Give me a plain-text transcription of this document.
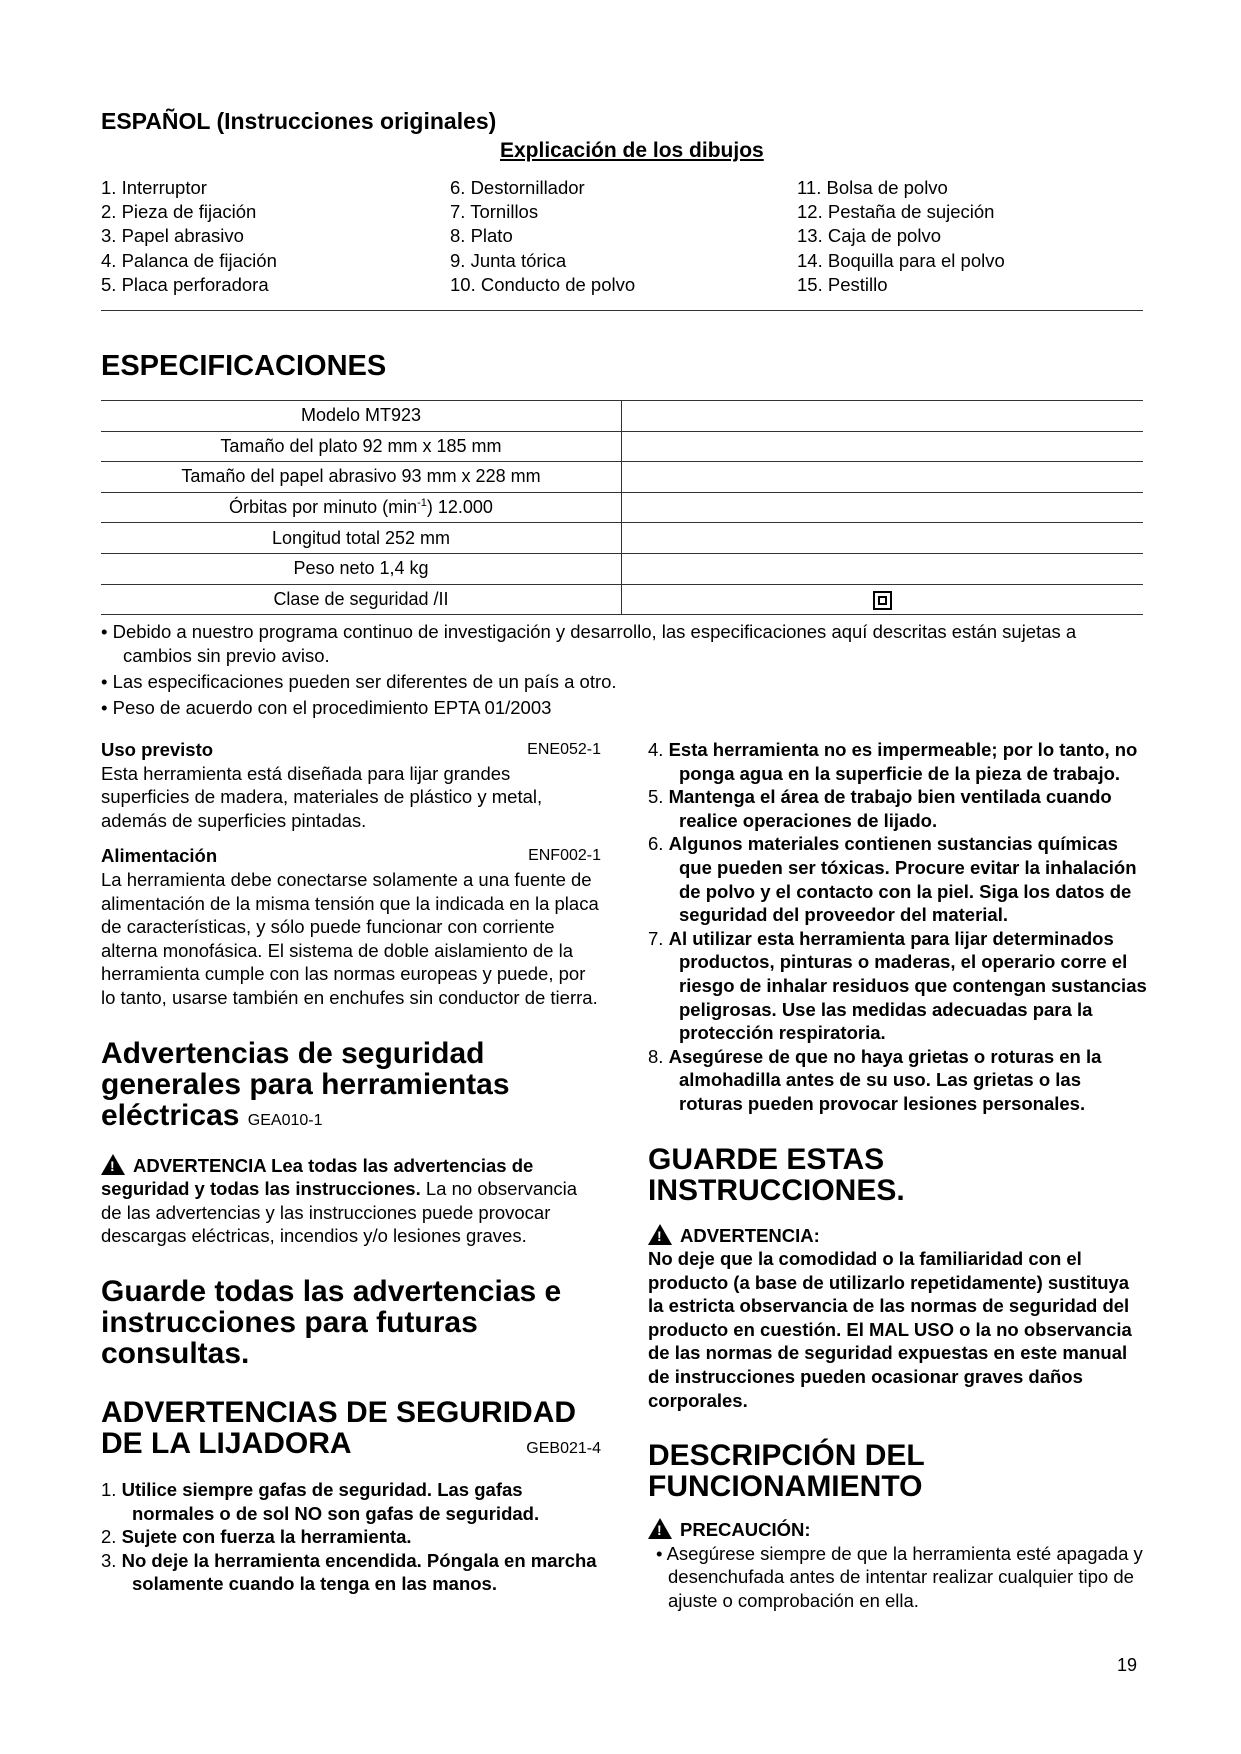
ESPAÑOL (Instrucciones originales)
Explicación de los dibujos
1. Interruptor
2. Pieza de fijación
3. Papel abrasivo
4. Palanca de fijación
5. Placa perforadora
6. Destornillador
7. Tornillos
8. Plato
9. Junta tórica
10. Conducto de polvo
11. Bolsa de polvo
12. Pestaña de sujeción
13. Caja de polvo
14. Boquilla para el polvo
15. Pestillo
ESPECIFICACIONES
Modelo MT923	
Tamaño del plato 92 mm x 185 mm	
Tamaño del papel abrasivo 93 mm x 228 mm	
Órbitas por minuto $(\min^{-1})$ 12.000	
Longitud total 252 mm	
Peso neto 1,4 kg	
Clase de seguridad /II	

• Debido a nuestro programa continuo de investigación y desarrollo, las especificaciones aquí descritas están sujetas a cambios sin previo aviso.

• Las especificaciones pueden ser diferentes de un país a otro.

• Peso de acuerdo con el procedimiento EPTA 01/2003

Uso previsto	ENE052-1

Esta herramienta está diseñada para lijar grandes superficies de madera, materiales de plástico y metal, además de superficies pintadas.

Alimentación	ENF002-1

La herramienta debe conectarse solamente a una fuente de alimentación de la misma tensión que la indicada en la placa de características, y sólo puede funcionar con corriente alterna monofásica. El sistema de doble aislamiento de la herramienta cumple con las normas europeas y puede, por lo tanto, usarse también en enchufes sin conductor de tierra.

Advertencias de seguridad

generales para herramientas

eléctricas GEA010-1

!ADVERTENCIA Lea todas las advertencias de seguridad y todas las instrucciones. La no observancia de las advertencias y las instrucciones puede provocar descargas eléctricas, incendios y/o lesiones graves.

Guarde todas las advertencias e instrucciones para futuras consultas.

ADVERTENCIAS DE SEGURIDAD

DE LA LIJADORA	GEB021-4

1. Utilice siempre gafas de seguridad. Las gafas normales o de sol NO son gafas de seguridad.

2. Sujete con fuerza la herramienta.

3. No deje la herramienta encendida. Póngala en marcha solamente cuando la tenga en las manos.

4. Esta herramienta no es impermeable; por lo tanto, no ponga agua en la superficie de la pieza de trabajo.

5. Mantenga el área de trabajo bien ventilada cuando realice operaciones de lijado.

6. Algunos materiales contienen sustancias químicas que pueden ser tóxicas. Procure evitar la inhalación de polvo y el contacto con la piel. Siga los datos de seguridad del proveedor del material.

7. Al utilizar esta herramienta para lijar determinados productos, pinturas o maderas, el operario corre el riesgo de inhalar residuos que contengan sustancias peligrosas. Use las medidas adecuadas para la protección respiratoria.

8. Asegúrese de que no haya grietas o roturas en la almohadilla antes de su uso. Las grietas o las roturas pueden provocar lesiones personales.

GUARDE ESTAS INSTRUCCIONES.

!ADVERTENCIA:

No deje que la comodidad o la familiaridad con el producto (a base de utilizarlo repetidamente) sustituya la estricta observancia de las normas de seguridad del producto en cuestión. El MAL USO o la no observancia de las normas de seguridad expuestas en este manual de instrucciones pueden ocasionar graves daños corporales.

DESCRIPCIÓN DEL FUNCIONAMIENTO

!PRECAUCIÓN:

• Asegúrese siempre de que la herramienta esté apagada y desenchufada antes de intentar realizar cualquier tipo de ajuste o comprobación en ella.

19
